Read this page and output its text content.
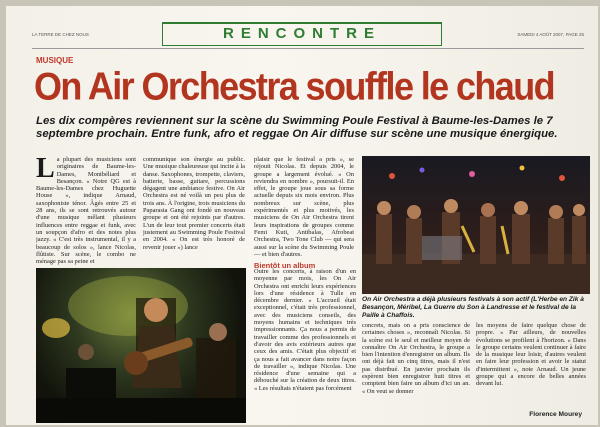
LA TERRE DE CHEZ NOUS	SAMEDI 4 AOÛT 2007, PAGE 25
RENCONTRE
MUSIQUE
On Air Orchestra souffle le chaud
Les dix compères reviennent sur la scène du Swimming Poule Festival à Baume-les-Dames le 7 septembre prochain. Entre funk, afro et reggae On Air diffuse sur scène une musique énergique.
L a plupart des musiciens sont originaires de Baume-les-Dames, Montbéliard et Besançon. « Notre QG est à Baume-les-Dames chez Huguette House », indique Arnaud, saxophoniste ténor. Âgés entre 25 et 28 ans, ils se sont retrouvés autour d'une musique mêlant plusieurs influences entre reggae et funk, avec un soupçon d'afro et des notes plus jazzy. « C'est très instrumental, il y a beaucoup de solos », lance Nicolas, flûtiste. Sur scène, le combo ne ménage pas sa peine et
communique son énergie au public. Une musique chaleureuse qui incite à la danse. Saxophones, trompette, claviers, batterie, basse, guitare, percussions dégagent une ambiance festive. On Air Orchestra est né voilà un peu plus de trois ans. À l'origine, trois musiciens du Paparasta Gang ont fondé un nouveau groupe et ont été rejoints par d'autres. L'un de leur tout premier concerts était justement au Swimming Poule Festival en 2004. « On est très honoré de revenir jouer ») lance
plaisir que le festival a pris », se réjouit Nicolas. Et depuis 2004, le groupe a largement évolué. « On reviendra en nombre », poursuit-il. En effet, le groupe joue sous sa forme actuelle depuis six mois environ. Plus nombreux sur scène, plus expérimentés et plus motivés, les musiciens de On Air Orchestra tirent leurs inspirations de groupes comme Femi Kuti, Antibalas, Afrobeat Orchestra, Two Tone Club — qui sera aussi sur la scène du Swimming Poule — et bien d'autres.
Bientôt un album
Outre les concerts, à raison d'un en moyenne par mois, les On Air Orchestra ont enrichi leurs expériences lors d'une résidence à Tulle en décembre dernier. « L'accueil était exceptionnel, c'était très professionnel, avec des musiciens conseils, des moyens humains et techniques très impressionnants. Ça nous a permis de travailler comme des professionnels et d'avoir des avis extérieurs autres que ceux des amis. C'était plus objectif et ça nous a fait avancer dans notre façon de travailler », indique Nicolas. Une résidence d'une semaine qui a débouché sur la création de deux titres. « Les résultats n'étaient pas forcément
concrets, mais on a pris conscience de certaines choses », reconnaît Nicolas. Si la scène est le seul et meilleur moyen de connaître On Air Orchestra, le groupe a bien l'intention d'enregistrer un album. Ils ont déjà fait un cinq titres, mais il n'est pas distribué. En janvier prochain ils espèrent bien enregistrer huit titres et comptent bien faire un album d'ici un an. « On veut se donner
les moyens de faire quelque chose de propre. » Par ailleurs, de nouvelles évolutions se profilent à l'horizon. « Dans le groupe certains veulent continuer à faire de la musique leur loisir, d'autres veulent en faire leur profession et avoir le statut d'intermittent », note Arnaud. Un jeune groupe qui a encore de belles années devant lui.
On Air Orchestra a déjà plusieurs festivals à son actif (L'Herbe en Zik à Besançon, Méribel, La Guerre du Son à Landresse et le festival de la Paille à Chaffois.
Florence Mourey
